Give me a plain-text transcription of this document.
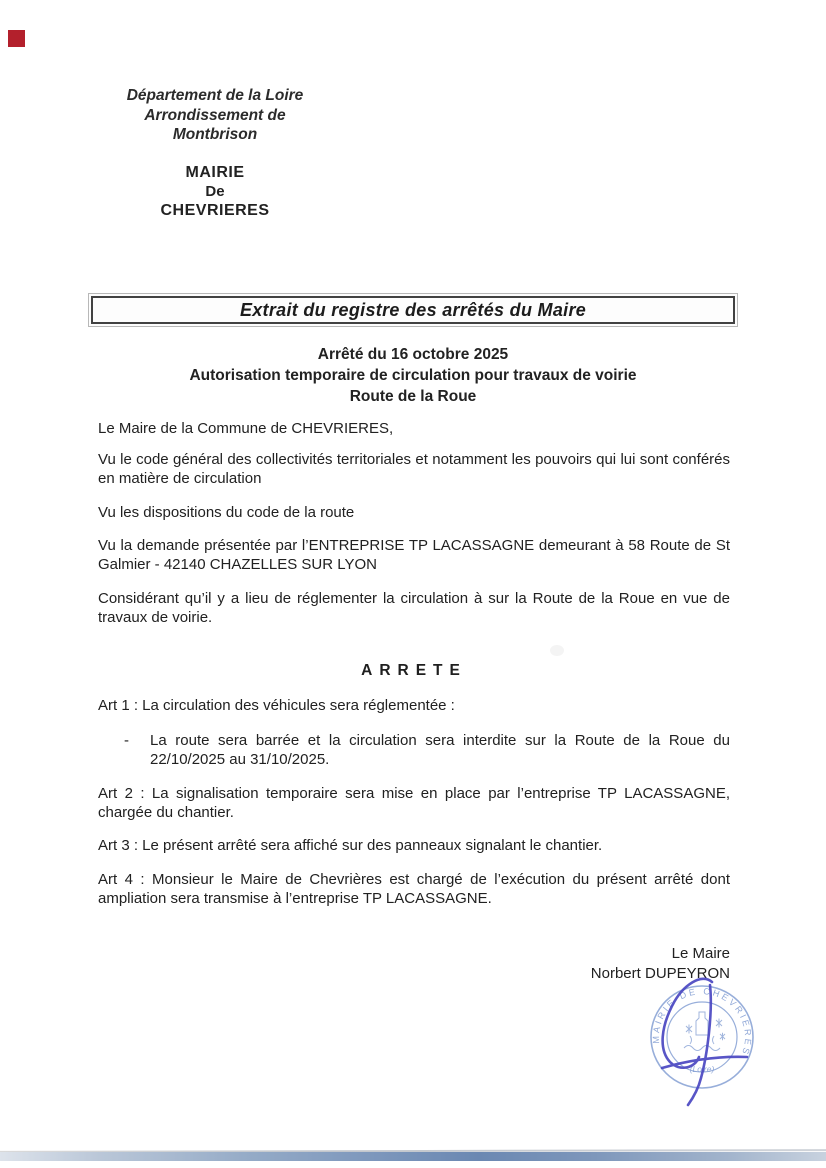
Département de la Loire
Arrondissement de
Montbrison
MAIRIE
De
CHEVRIERES
Extrait du registre des arrêtés du Maire
Arrêté du 16 octobre 2025
Autorisation temporaire de circulation pour travaux de voirie
Route de la Roue
Le Maire de la Commune de CHEVRIERES,
Vu le code général des collectivités territoriales et notamment les pouvoirs qui lui sont conférés en matière de circulation
Vu les dispositions du code de la route
Vu la demande présentée par l’ENTREPRISE TP LACASSAGNE demeurant à 58 Route de St Galmier - 42140 CHAZELLES SUR LYON
Considérant qu’il y a lieu de réglementer la circulation à sur la Route de la Roue en vue de travaux de voirie.
ARRETE
Art 1 : La circulation des véhicules sera réglementée :
- La route sera barrée et la circulation sera interdite sur la Route de la Roue du 22/10/2025 au 31/10/2025.
Art 2 : La signalisation temporaire sera mise en place par l’entreprise TP LACASSAGNE, chargée du chantier.
Art 3 : Le présent arrêté sera affiché sur des panneaux signalant le chantier.
Art 4 : Monsieur le Maire de Chevrières est chargé de l’exécution du présent arrêté dont ampliation sera transmise à l’entreprise TP LACASSAGNE.
Le Maire
Norbert DUPEYRON
MAIRIE DE CHEVRIERES
(Loire)
